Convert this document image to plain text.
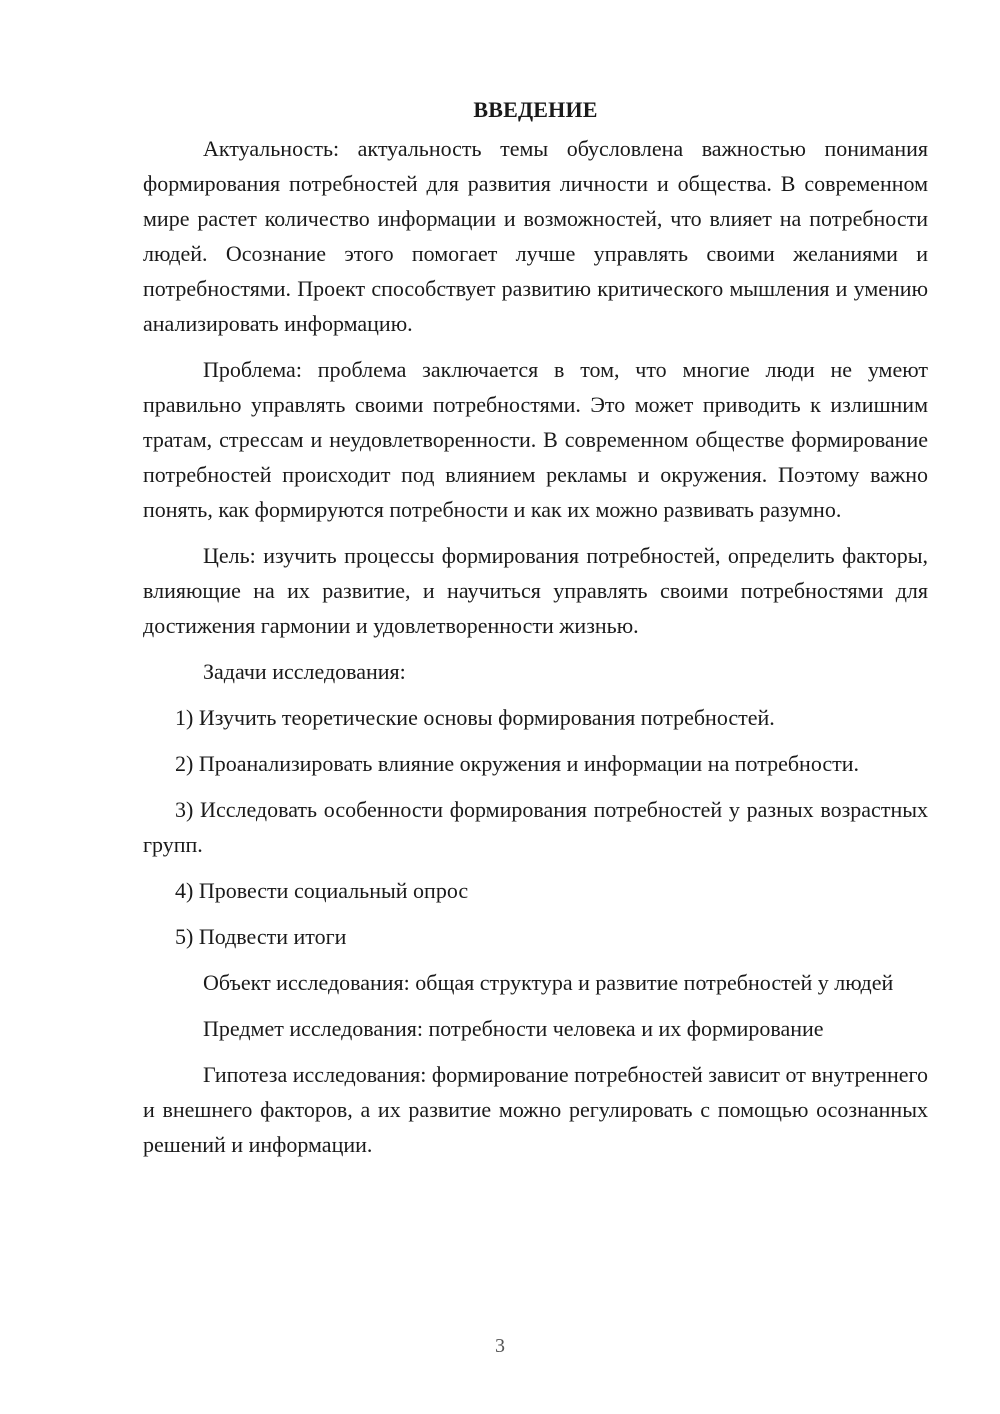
ВВЕДЕНИЕ

Актуальность: актуальность темы обусловлена важностью понимания формирования потребностей для развития личности и общества. В современном мире растет количество информации и возможностей, что влияет на потребности людей. Осознание этого помогает лучше управлять своими желаниями и потребностями. Проект способствует развитию критического мышления и умению анализировать информацию.

Проблема: проблема заключается в том, что многие люди не умеют правильно управлять своими потребностями. Это может приводить к излишним тратам, стрессам и неудовлетворенности. В современном обществе формирование потребностей происходит под влиянием рекламы и окружения. Поэтому важно понять, как формируются потребности и как их можно развивать разумно.

Цель: изучить процессы формирования потребностей, определить факторы, влияющие на их развитие, и научиться управлять своими потребностями для достижения гармонии и удовлетворенности жизнью.

Задачи исследования:

1) Изучить теоретические основы формирования потребностей.

2) Проанализировать влияние окружения и информации на потребности.

3) Исследовать особенности формирования потребностей у разных возрастных групп.

4) Провести социальный опрос

5) Подвести итоги

Объект исследования: общая структура и развитие потребностей у людей

Предмет исследования: потребности человека и их формирование

Гипотеза исследования: формирование потребностей зависит от внутреннего и внешнего факторов, а их развитие можно регулировать с помощью осознанных решений и информации.

3
